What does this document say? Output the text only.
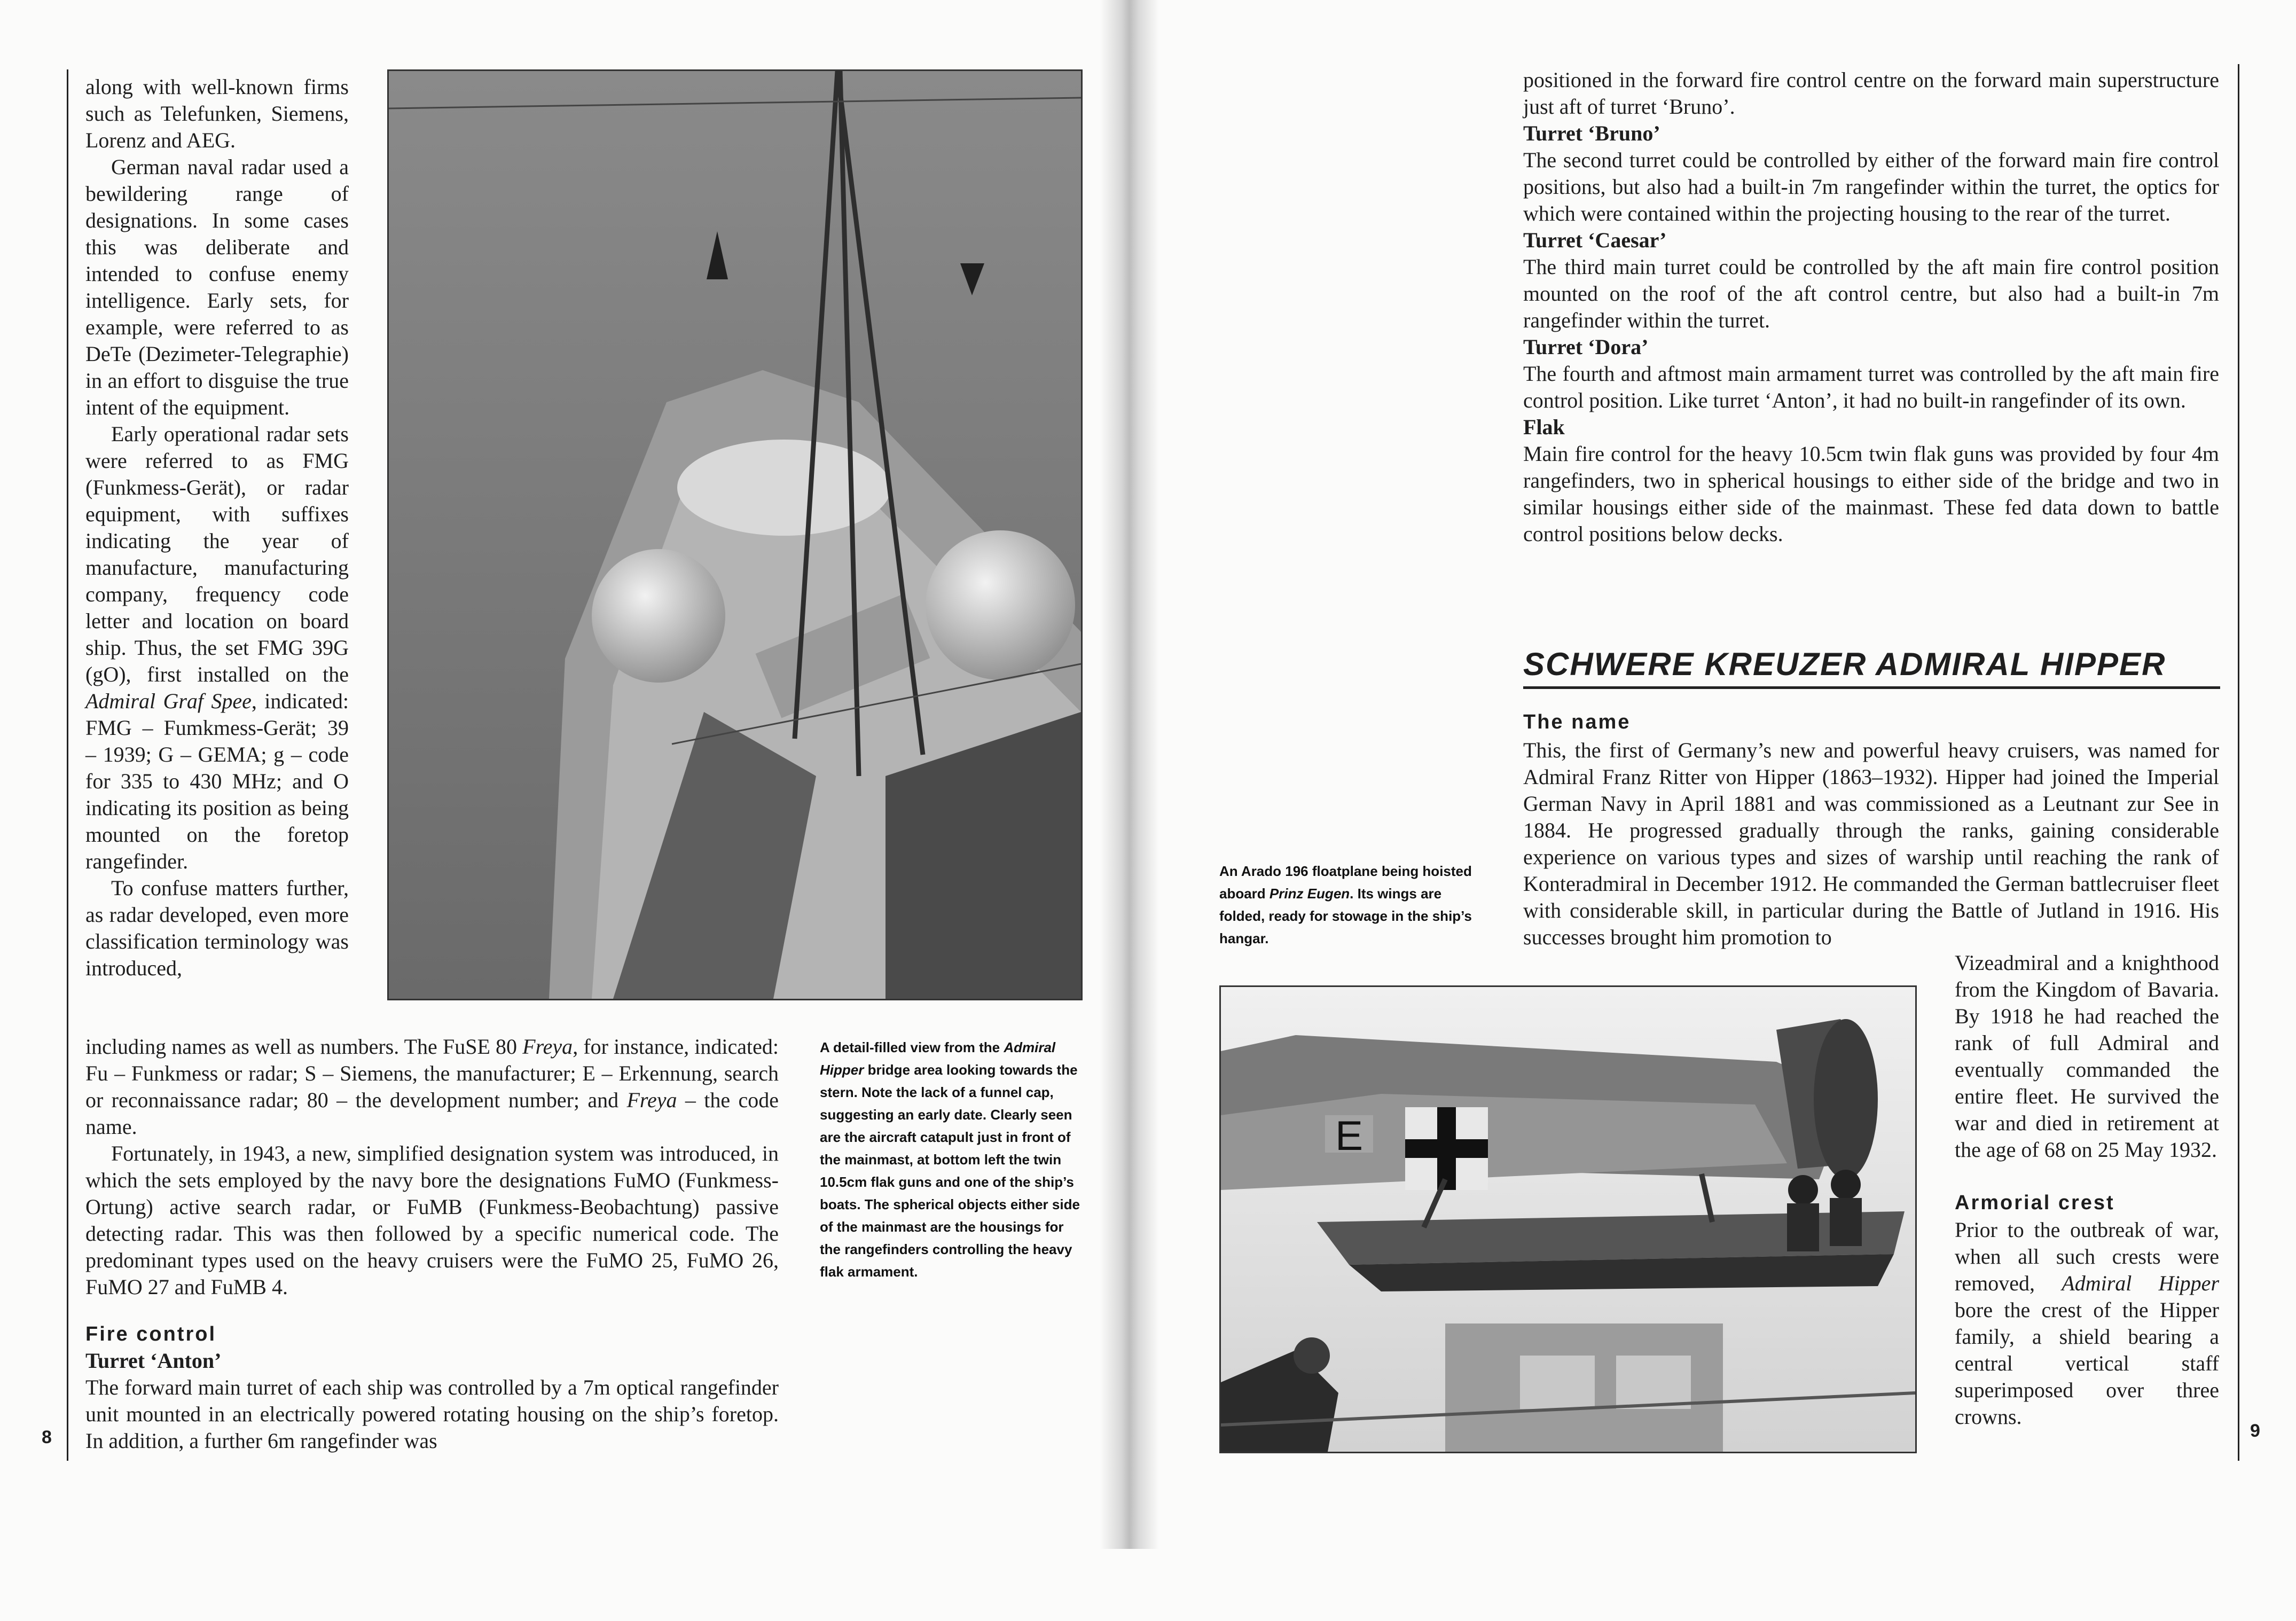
8

along with well-known firms such as Telefunken, Siemens, Lorenz and AEG.

German naval radar used a bewildering range of designations. In some cases this was deliberate and intended to confuse enemy intelligence. Early sets, for example, were referred to as DeTe (Dezimeter-Telegraphie) in an effort to disguise the true intent of the equipment.

Early operational radar sets were referred to as FMG (Funkmess-Gerät), or radar equipment, with suffixes indicating the year of manufacture, manufacturing company, frequency code letter and location on board ship. Thus, the set FMG 39G (gO), first installed on the Admiral Graf Spee, indicated: FMG – Fumkmess-Gerät; 39 – 1939; G – GEMA; g – code for 335 to 430 MHz; and O indicating its position as being mounted on the foretop rangefinder.

To confuse matters further, as radar developed, even more classification terminology was introduced,

including names as well as numbers. The FuSE 80 Freya, for instance, indicated: Fu – Funkmess or radar; S – Siemens, the manufacturer; E – Erkennung, search or reconnaissance radar; 80 – the development number; and Freya – the code name.

Fortunately, in 1943, a new, simplified designation system was introduced, in which the sets employed by the navy bore the designations FuMO (Funkmess-Ortung) active search radar, or FuMB (Funkmess-Beobachtung) passive detecting radar. This was then followed by a specific numerical code. The predominant types used on the heavy cruisers were the FuMO 25, FuMO 26, FuMO 27 and FuMB 4.

Fire control

Turret ‘Anton’

The forward main turret of each ship was controlled by a 7m optical rangefinder unit mounted in an electrically powered rotating housing on the ship’s foretop. In addition, a further 6m rangefinder was

A detail-filled view from the Admiral Hipper bridge area looking towards the stern. Note the lack of a funnel cap, suggesting an early date. Clearly seen are the aircraft catapult just in front of the mainmast, at bottom left the twin 10.5cm flak guns and one of the ship’s boats. The spherical objects either side of the mainmast are the housings for the rangefinders controlling the heavy flak armament.

9

positioned in the forward fire control centre on the forward main superstructure just aft of turret ‘Bruno’.

Turret ‘Bruno’

The second turret could be controlled by either of the forward main fire control positions, but also had a built-in 7m rangefinder within the turret, the optics for which were contained within the projecting housing to the rear of the turret.

Turret ‘Caesar’

The third main turret could be controlled by the aft main fire control position mounted on the roof of the aft control centre, but also had a built-in 7m rangefinder within the turret.

Turret ‘Dora’

The fourth and aftmost main armament turret was controlled by the aft main fire control position. Like turret ‘Anton’, it had no built-in rangefinder of its own.

Flak

Main fire control for the heavy 10.5cm twin flak guns was provided by four 4m rangefinders, two in spherical housings to either side of the bridge and two in similar housings either side of the mainmast. These fed data down to battle control positions below decks.

SCHWERE KREUZER ADMIRAL HIPPER

The name

This, the first of Germany’s new and powerful heavy cruisers, was named for Admiral Franz Ritter von Hipper (1863–1932). Hipper had joined the Imperial German Navy in April 1881 and was commissioned as a Leutnant zur See in 1884. He progressed gradually through the ranks, gaining considerable experience on various types and sizes of warship until reaching the rank of Konteradmiral in December 1912. He commanded the German battlecruiser fleet with considerable skill, in particular during the Battle of Jutland in 1916. His successes brought him promotion to

Vizeadmiral and a knighthood from the Kingdom of Bavaria. By 1918 he had reached the rank of full Admiral and eventually commanded the entire fleet. He survived the war and died in retirement at the age of 68 on 25 May 1932.

Armorial crest

Prior to the outbreak of war, when all such crests were removed, Admiral Hipper bore the crest of the Hipper family, a shield bearing a central vertical staff superimposed over three crowns.

An Arado 196 floatplane being hoisted aboard Prinz Eugen. Its wings are folded, ready for stowage in the ship’s hangar.

E
